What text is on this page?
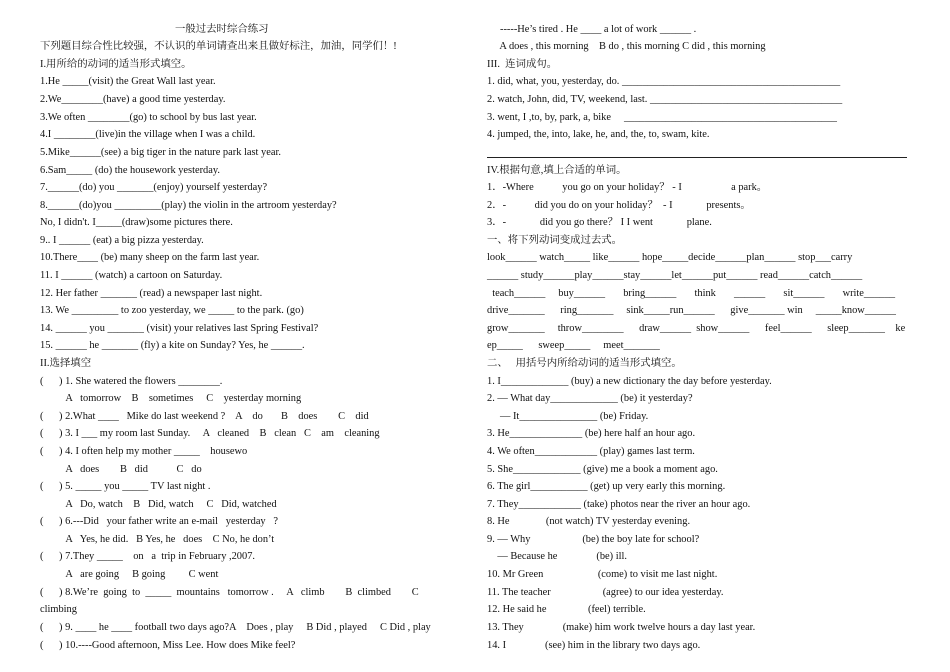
一般过去时综合练习
下列题目综合性比较强，不认识的单词请查出来且做好标注，加油，同学们！!
I.用所给的动词的适当形式填空。
1.He _____(visit) the Great Wall last year.
2.We________(have) a good time yesterday.
3.We often ________(go) to school by bus last year.
4.I ________(live)in the village when I was a child.
5.Mike______(see) a big tiger in the nature park last year.
6.Sam_____ (do) the housework yesterday.
7.______(do) you _______(enjoy) yourself yesterday?
8.______(do)you _________(play) the violin in the artroom yesterday?
No, I didn't. I_____(draw)some pictures there.
9.. I ______ (eat) a big pizza yesterday.
10.There____ (be) many sheep on the farm last year.
11. I ______ (watch) a cartoon on Saturday.
12. Her father _______ (read) a newspaper last night.
13. We _________ to zoo yesterday, we _____ to the park. (go)
14. ______ you _______ (visit) your relatives last Spring Festival?
15. ______ he _______ (fly) a kite on Sunday? Yes, he ______.
II.选择填空
(      ) 1. She watered the flowers ________.
A   tomorrow    B    sometimes     C    yesterday morning
(      ) 2.What ____   Mike do last weekend ?    A    do       B    does        C    did
(      ) 3. I ___ my room last Sunday.     A   cleaned    B   clean   C    am    cleaning
(      ) 4. I often help my mother _____    housewo
A   does        B   did           C   do
(      ) 5. _____ you _____ TV last night .
A   Do, watch    B   Did, watch     C   Did, watched
(      ) 6.---Did   your father write an e-mail   yesterday   ?
A   Yes, he did.   B Yes, he   does    C No, he don’t
(      ) 7.They _____    on   a  trip in February ,2007.
A   are going     B going         C went
(      ) 8.We’re  going  to  _____  mountains   tomorrow .     A   climb        B  climbed        C
climbing
(      ) 9. ____ he ____ football two days ago?A    Does , play     B Did , played     C Did , play
(      ) 10.----Good afternoon, Miss Lee. How does Mike feel?
-----He’s tired . He ____ a lot of work ______ .
A does , this morning    B do , this morning C did , this morning
III.  连词成句。
1. did, what, you, yesterday, do. __________________________________________
2. watch, John, did, TV, weekend, last. _____________________________________
3. went, I ,to, by, park, a, bike     _________________________________________
4. jumped, the, into, lake, he, and, the, to, swam, kite.
IV.根据句意,填上合适的单词。
1．-Where           you go on your holiday？ - I                   a park。
2．-           did you do on your holiday？  - I             presents。
3．-             did you go there？ I I went             plane.
一、将下列动词变成过去式。
look______ watch_____ like______ hope_____decide______plan______ stop___carry
______ study______play______stay______let______put______ read______catch______
teach______     buy______       bring______       think       ______       sit______       write______
drive_______      ring_______     sink_____run______      give_______ win     _____know______
grow_______     throw________      draw______  show______      feel______      sleep_______    ke
ep_____      sweep_____     meet_______
二、   用括号内所给动词的适当形式填空。
1. I_____________ (buy) a new dictionary the day before yesterday.
2. — What day_____________ (be) it yesterday?
— It_______________ (be) Friday.
3. He______________ (be) here half an hour ago.
4. We often____________ (play) games last term.
5. She_____________ (give) me a book a moment ago.
6. The girl___________ (get) up very early this morning.
7. They____________ (take) photos near the river an hour ago.
8. He              (not watch) TV yesterday evening.
9. — Why                    (be) the boy late for school?
— Because he               (be) ill.
10. Mr Green                     (come) to visit me last night.
11. The teacher                    (agree) to our idea yesterday.
12. He said he                (feel) terrible.
13. They               (make) him work twelve hours a day last year.
14. I               (see) him in the library two days ago.
